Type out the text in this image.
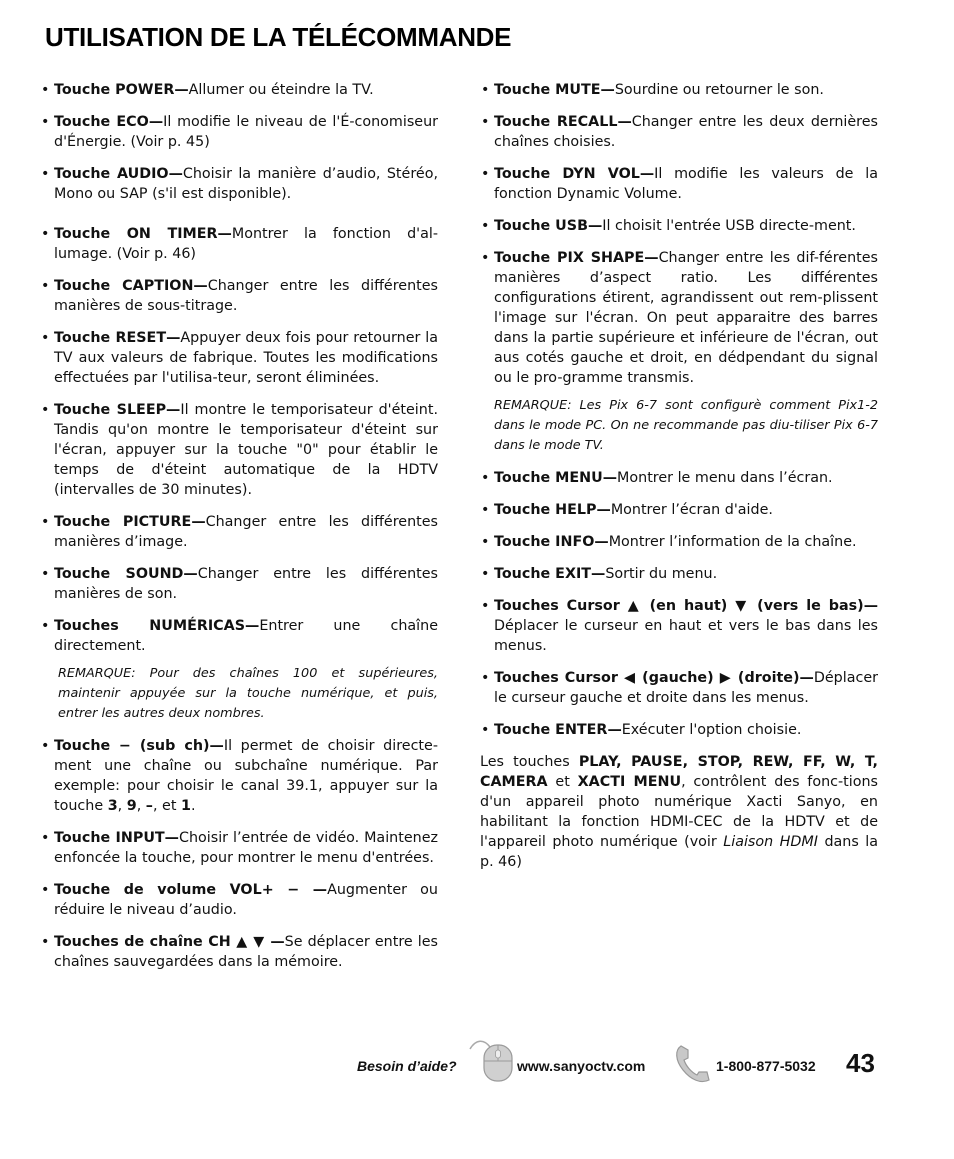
UTILISATION DE LA TÉLÉCOMMANDE
• Touche POWER—Allumer ou éteindre la TV.
• Touche ECO—Il modifie le niveau de l'É-conomiseur d'Énergie. (Voir p. 45)
• Touche AUDIO—Choisir la manière d’audio, Stéréo, Mono ou SAP (s'il est disponible).
• Touche ON TIMER—Montrer la fonction d'al-lumage. (Voir p. 46)
• Touche CAPTION—Changer entre les différentes manières de sous-titrage.
• Touche RESET—Appuyer deux fois pour retourner la TV aux valeurs de fabrique. Toutes les modifications effectuées par l'utilisa-teur, seront éliminées.
• Touche SLEEP—Il montre le temporisateur d'éteint. Tandis qu'on montre le temporisateur d'éteint sur l'écran, appuyer sur la touche "0" pour établir le temps de d'éteint automatique de la HDTV (intervalles de 30 minutes).
• Touche PICTURE—Changer entre les différentes manières d’image.
• Touche SOUND—Changer entre les différentes manières de son.
• Touches NUMÉRICAS—Entrer une chaîne directement.
REMARQUE: Pour des chaînes 100 et supérieures, maintenir appuyée sur la touche numérique, et puis, entrer les autres deux nombres.
• Touche − (sub ch)—Il permet de choisir directe-ment une chaîne ou subchaîne numérique. Par exemple: pour choisir le canal 39.1, appuyer sur la touche 3, 9, –, et 1.
• Touche INPUT—Choisir l’entrée de vidéo. Maintenez enfoncée la touche, pour montrer le menu d'entrées.
• Touche de volume VOL+ − —Augmenter ou réduire le niveau d’audio.
• Touches de chaîne CH ▲ ▼ —Se déplacer entre les chaînes sauvegardées dans la mémoire.
• Touche MUTE—Sourdine ou retourner le son.
• Touche RECALL—Changer entre les deux dernières chaînes choisies.
• Touche DYN VOL—Il modifie les valeurs de la fonction Dynamic Volume.
• Touche USB—Il choisit l'entrée USB directe-ment.
• Touche PIX SHAPE—Changer entre les dif-férentes manières d’aspect ratio. Les différentes configurations étirent, agrandissent out rem-plissent l'image sur l'écran. On peut apparaitre des barres dans la partie supérieure et inférieure de l'écran, out aus cotés gauche et droit, en dédpendant du signal ou le pro-gramme transmis.
REMARQUE: Les Pix 6-7 sont configurè comment Pix1-2 dans le mode PC. On ne recommande pas diu-tiliser Pix 6-7 dans le mode TV.
• Touche MENU—Montrer le menu dans l’écran.
• Touche HELP—Montrer l’écran d'aide.
• Touche INFO—Montrer l’information de la chaîne.
• Touche EXIT—Sortir du menu.
• Touches Cursor ▲ (en haut) ▼ (vers le bas)—Déplacer le curseur en haut et vers le bas dans les menus.
• Touches Cursor ◀ (gauche) ▶ (droite)—Déplacer le curseur gauche et droite dans les menus.
• Touche ENTER—Exécuter l'option choisie.
Les touches PLAY, PAUSE, STOP, REW, FF, W, T, CAMERA et XACTI MENU, contrôlent des fonc-tions d'un appareil photo numérique Xacti Sanyo, en habilitant la fonction HDMI-CEC de la HDTV et de l'appareil photo numérique (voir Liaison HDMI dans la p. 46)
Besoin d’aide?	www.sanyoctv.com	1-800-877-5032 43
